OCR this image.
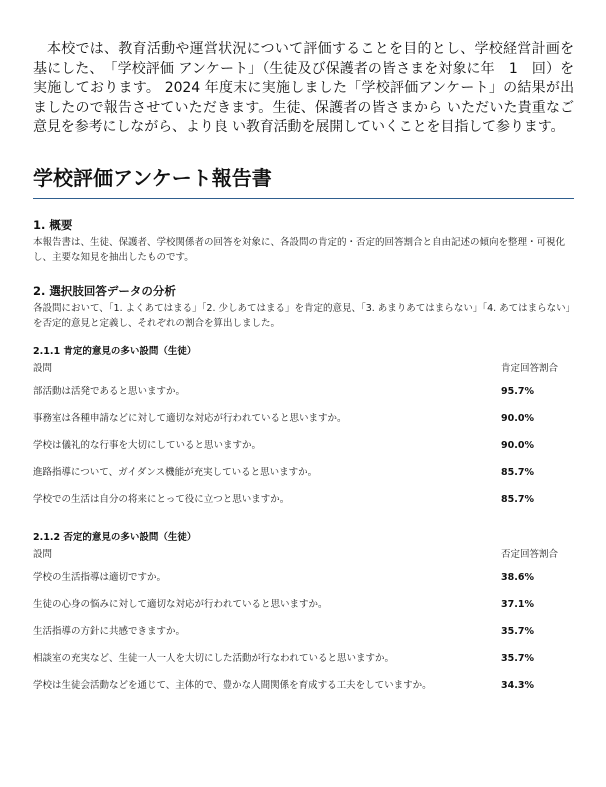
本校では、教育活動や運営状況について評価することを目的とし、学校経営計画を基にした、　「学校評価 アンケート」（生徒及び保護者の皆さまを対象に年　1　回）を実施しております。 2024 年度末に実施しました「学校評価アンケート」の結果が出ましたので報告させていただきます。生徒、保護者の皆さまから いただいた貴重なご意見を参考にしながら、より良 い教育活動を展開していくことを目指して参ります。

学校評価アンケート報告書
1. 概要

本報告書は、生徒、保護者、学校関係者の回答を対象に、各設問の肯定的・否定的回答割合と自由記述の傾向を整理・可視化し、主要な知見を抽出したものです。

2. 選択肢回答データの分析

各設問において、「1. よくあてはまる」「2. 少しあてはまる」を肯定的意見、「3. あまりあてはまらない」「4. あてはまらない」を否定的意見と定義し、それぞれの割合を算出しました。

2.1.1 肯定的意見の多い設問（生徒）
設問	肯定回答割合
部活動は活発であると思いますか。	95.7%
事務室は各種申請などに対して適切な対応が行われていると思いますか。	90.0%
学校は儀礼的な行事を大切にしていると思いますか。	90.0%
進路指導について、ガイダンス機能が充実していると思いますか。	85.7%
学校での生活は自分の将来にとって役に立つと思いますか。	85.7%
2.1.2 否定的意見の多い設問（生徒）
設問	否定回答割合
学校の生活指導は適切ですか。	38.6%
生徒の心身の悩みに対して適切な対応が行われていると思いますか。	37.1%
生活指導の方針に共感できますか。	35.7%
相談室の充実など、生徒一人一人を大切にした活動が行なわれていると思いますか。	35.7%
学校は生徒会活動などを通じて、主体的で、豊かな人間関係を育成する工夫をしていますか。	34.3%
